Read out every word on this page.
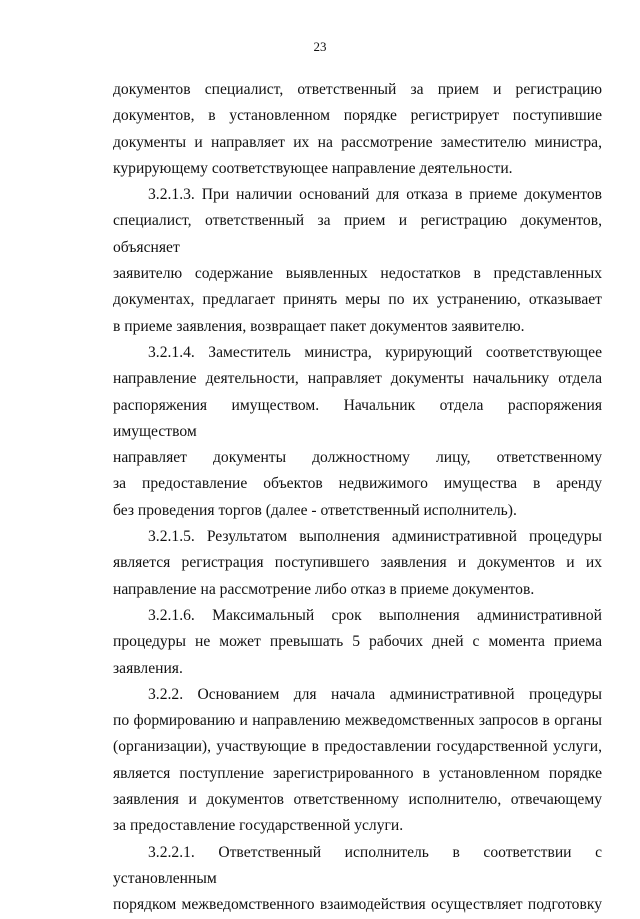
23
документов специалист, ответственный за прием и регистрацию
документов, в установленном порядке регистрирует поступившие
документы и направляет их на рассмотрение заместителю министра,
курирующему соответствующее направление деятельности.
3.2.1.3. При наличии оснований для отказа в приеме документов
специалист, ответственный за прием и регистрацию документов, объясняет
заявителю содержание выявленных недостатков в представленных
документах, предлагает принять меры по их устранению, отказывает
в приеме заявления, возвращает пакет документов заявителю.
3.2.1.4. Заместитель министра, курирующий соответствующее
направление деятельности, направляет документы начальнику отдела
распоряжения имуществом. Начальник отдела распоряжения имуществом
направляет документы должностному лицу, ответственному
за предоставление объектов недвижимого имущества в аренду
без проведения торгов (далее - ответственный исполнитель).
3.2.1.5. Результатом выполнения административной процедуры
является регистрация поступившего заявления и документов и их
направление на рассмотрение либо отказ в приеме документов.
3.2.1.6. Максимальный срок выполнения административной
процедуры не может превышать 5 рабочих дней с момента приема
заявления.
3.2.2. Основанием для начала административной процедуры
по формированию и направлению межведомственных запросов в органы
(организации), участвующие в предоставлении государственной услуги,
является поступление зарегистрированного в установленном порядке
заявления и документов ответственному исполнителю, отвечающему
за предоставление государственной услуги.
3.2.2.1. Ответственный исполнитель в соответствии с установленным
порядком межведомственного взаимодействия осуществляет подготовку
